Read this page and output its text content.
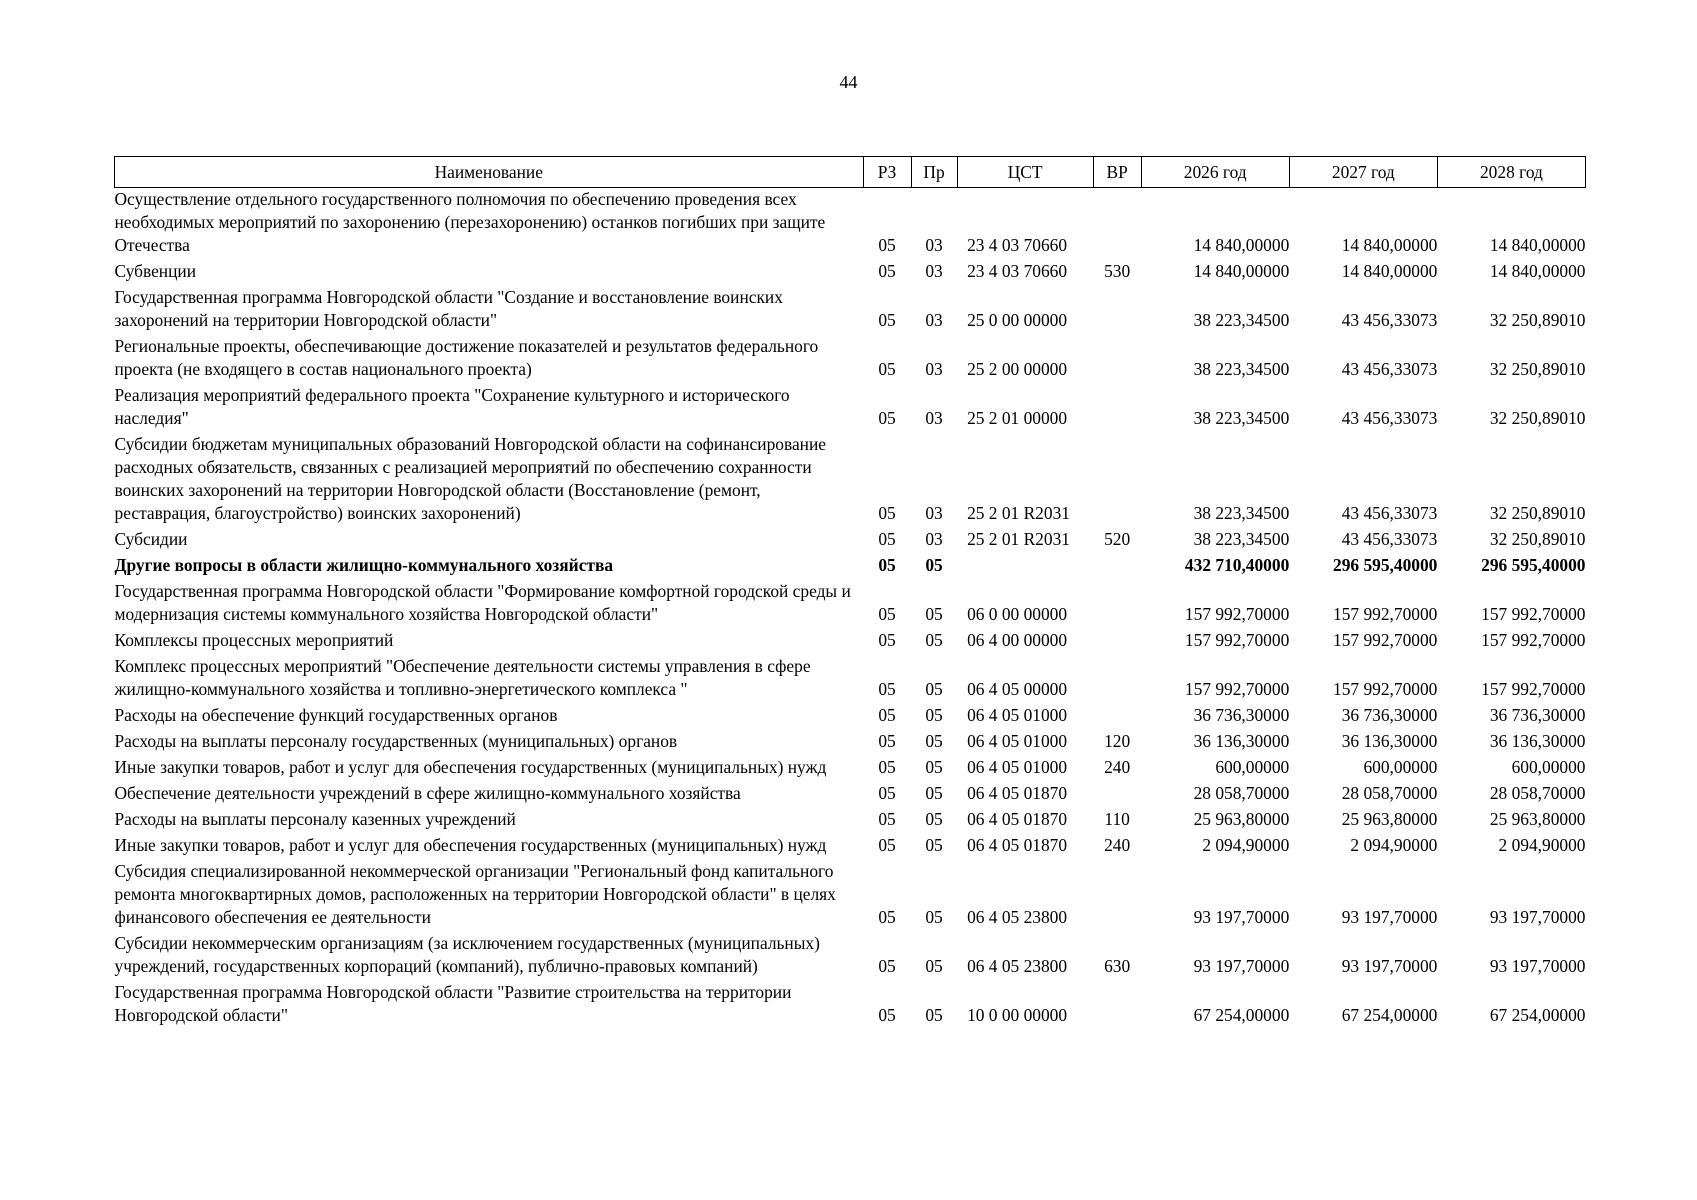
44
Наименование	РЗ	Пр	ЦСТ	ВР	2026 год	2027 год	2028 год
Осуществление отдельного государственного полномочия по обеспечению проведения всех необходимых мероприятий по захоронению (перезахоронению) останков погибших при защите Отечества	05	03	23 4 03 70660		14 840,00000	14 840,00000	14 840,00000
Субвенции	05	03	23 4 03 70660	530	14 840,00000	14 840,00000	14 840,00000
Государственная программа Новгородской области "Создание и восстановление воинских захоронений на территории Новгородской области"	05	03	25 0 00 00000		38 223,34500	43 456,33073	32 250,89010
Региональные проекты, обеспечивающие достижение показателей и результатов федерального проекта (не входящего в состав национального проекта)	05	03	25 2 00 00000		38 223,34500	43 456,33073	32 250,89010
Реализация мероприятий федерального проекта "Сохранение культурного и исторического наследия"	05	03	25 2 01 00000		38 223,34500	43 456,33073	32 250,89010
Субсидии бюджетам муниципальных образований Новгородской области на софинансирование расходных обязательств, связанных с реализацией мероприятий по обеспечению сохранности воинских захоронений на территории Новгородской области (Восстановление (ремонт, реставрация, благоустройство) воинских захоронений)	05	03	25 2 01 R2031		38 223,34500	43 456,33073	32 250,89010
Субсидии	05	03	25 2 01 R2031	520	38 223,34500	43 456,33073	32 250,89010
Другие вопросы в области жилищно-коммунального хозяйства	05	05			432 710,40000	296 595,40000	296 595,40000
Государственная программа Новгородской области "Формирование комфортной городской среды и модернизация системы коммунального хозяйства Новгородской области"	05	05	06 0 00 00000		157 992,70000	157 992,70000	157 992,70000
Комплексы процессных мероприятий	05	05	06 4 00 00000		157 992,70000	157 992,70000	157 992,70000
Комплекс процессных мероприятий "Обеспечение деятельности системы управления в сфере жилищно-коммунального хозяйства и топливно-энергетического комплекса "	05	05	06 4 05 00000		157 992,70000	157 992,70000	157 992,70000
Расходы на обеспечение функций государственных органов	05	05	06 4 05 01000		36 736,30000	36 736,30000	36 736,30000
Расходы на выплаты персоналу государственных (муниципальных) органов	05	05	06 4 05 01000	120	36 136,30000	36 136,30000	36 136,30000
Иные закупки товаров, работ и услуг для обеспечения государственных (муниципальных) нужд	05	05	06 4 05 01000	240	600,00000	600,00000	600,00000
Обеспечение деятельности учреждений в сфере жилищно-коммунального хозяйства	05	05	06 4 05 01870		28 058,70000	28 058,70000	28 058,70000
Расходы на выплаты персоналу казенных учреждений	05	05	06 4 05 01870	110	25 963,80000	25 963,80000	25 963,80000
Иные закупки товаров, работ и услуг для обеспечения государственных (муниципальных) нужд	05	05	06 4 05 01870	240	2 094,90000	2 094,90000	2 094,90000
Субсидия специализированной некоммерческой организации "Региональный фонд капитального ремонта многоквартирных домов, расположенных на территории Новгородской области" в целях финансового обеспечения ее деятельности	05	05	06 4 05 23800		93 197,70000	93 197,70000	93 197,70000
Субсидии некоммерческим организациям (за исключением государственных (муниципальных) учреждений, государственных корпораций (компаний), публично-правовых компаний)	05	05	06 4 05 23800	630	93 197,70000	93 197,70000	93 197,70000
Государственная программа Новгородской области "Развитие строительства на территории Новгородской области"	05	05	10 0 00 00000		67 254,00000	67 254,00000	67 254,00000
